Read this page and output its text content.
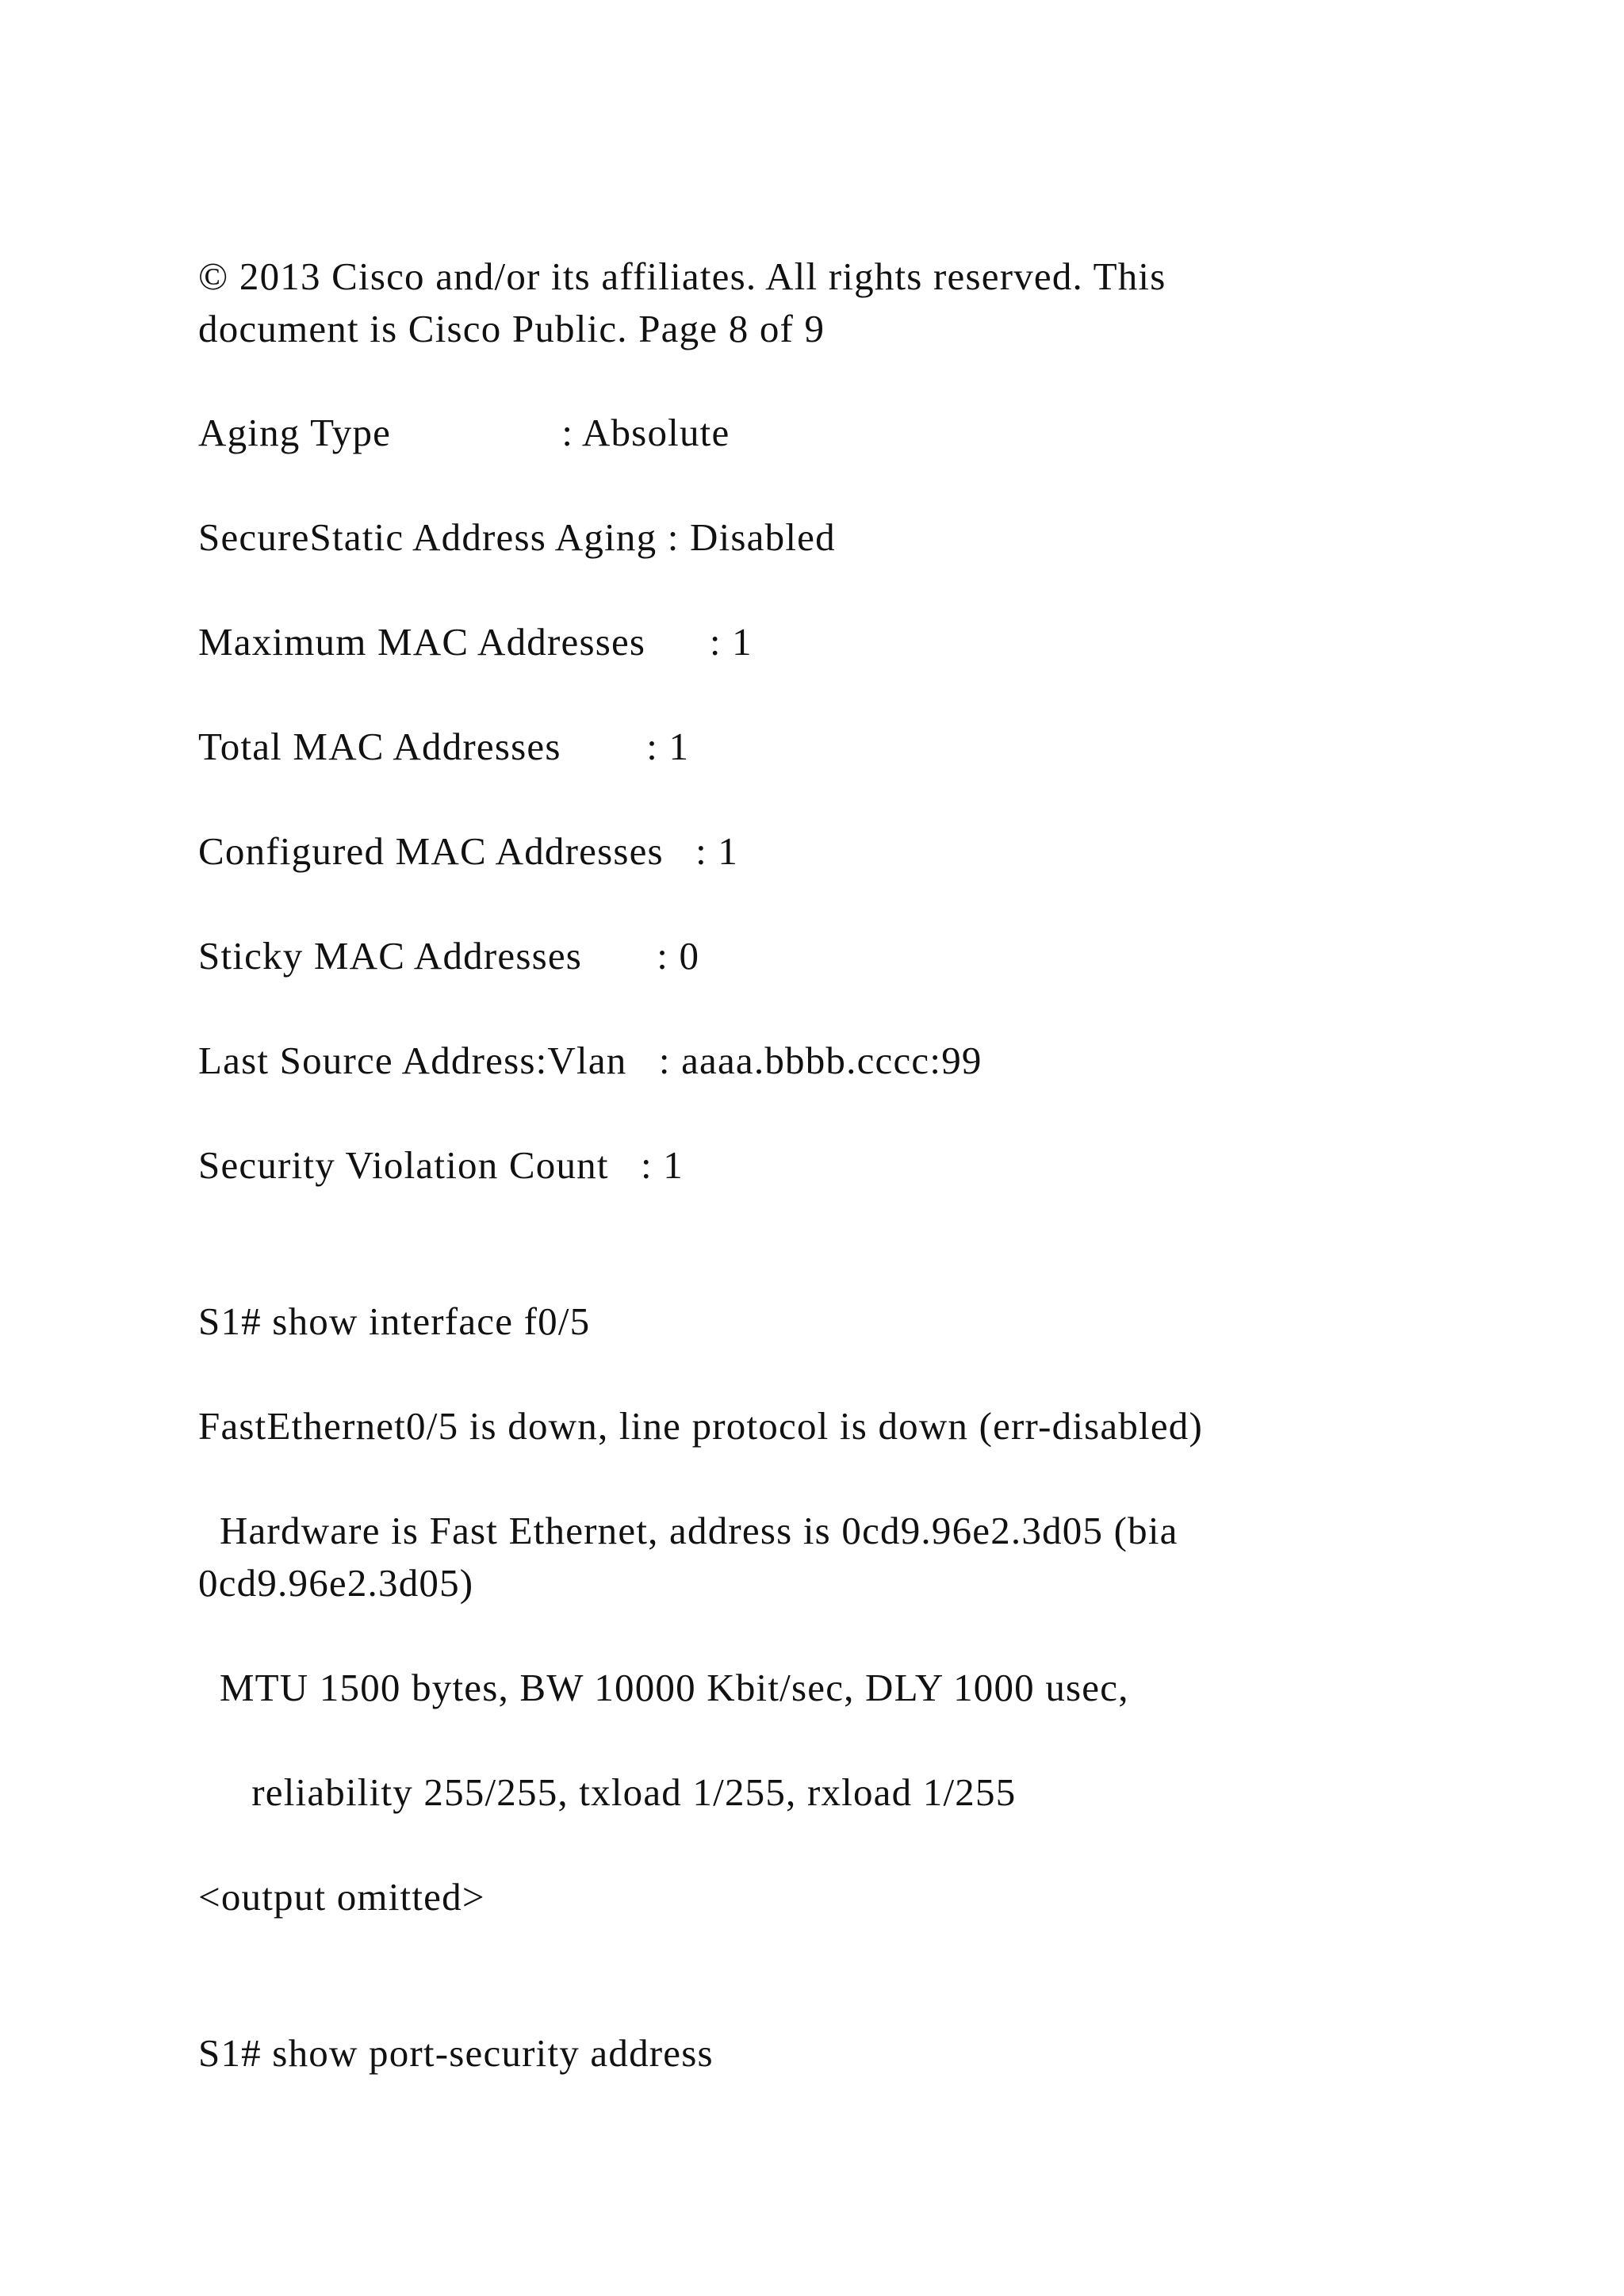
© 2013 Cisco and/or its affiliates. All rights reserved. This
document is Cisco Public. Page 8 of 9

Aging Type                : Absolute

SecureStatic Address Aging : Disabled

Maximum MAC Addresses      : 1

Total MAC Addresses        : 1

Configured MAC Addresses   : 1

Sticky MAC Addresses       : 0

Last Source Address:Vlan   : aaaa.bbbb.cccc:99

Security Violation Count   : 1

S1# show interface f0/5

FastEthernet0/5 is down, line protocol is down (err-disabled)

Hardware is Fast Ethernet, address is 0cd9.96e2.3d05 (bia

0cd9.96e2.3d05)

MTU 1500 bytes, BW 10000 Kbit/sec, DLY 1000 usec,

reliability 255/255, txload 1/255, rxload 1/255

<output omitted>

S1# show port-security address
